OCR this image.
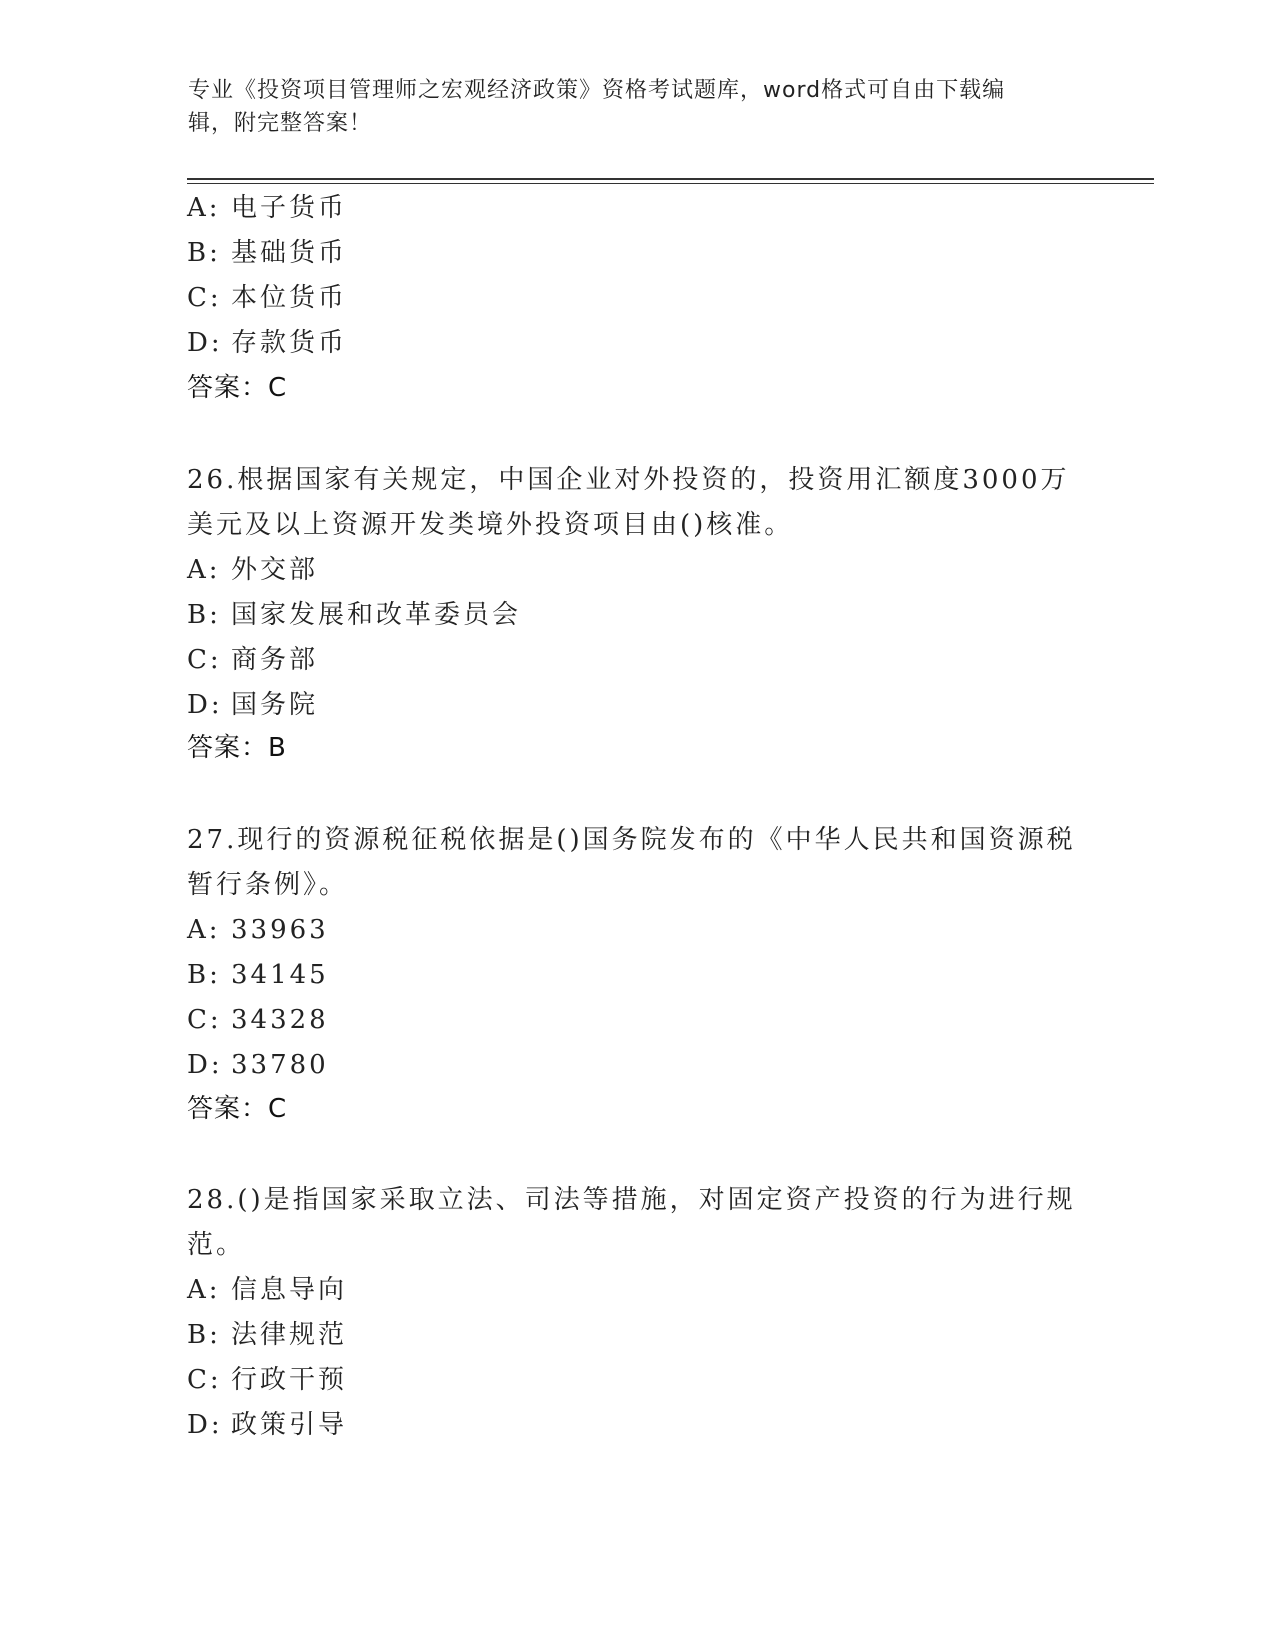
专业《投资项目管理师之宏观经济政策》资格考试题库，word格式可自由下载编
辑，附完整答案！
A: 电子货币
B: 基础货币
C: 本位货币
D: 存款货币
答案：C
26.根据国家有关规定，中国企业对外投资的，投资用汇额度3000万
美元及以上资源开发类境外投资项目由()核准。
A: 外交部
B: 国家发展和改革委员会
C: 商务部
D: 国务院
答案：B
27.现行的资源税征税依据是()国务院发布的《中华人民共和国资源税
暂行条例》。
A: 33963
B: 34145
C: 34328
D: 33780
答案：C
28.()是指国家采取立法、司法等措施，对固定资产投资的行为进行规
范。
A: 信息导向
B: 法律规范
C: 行政干预
D: 政策引导
